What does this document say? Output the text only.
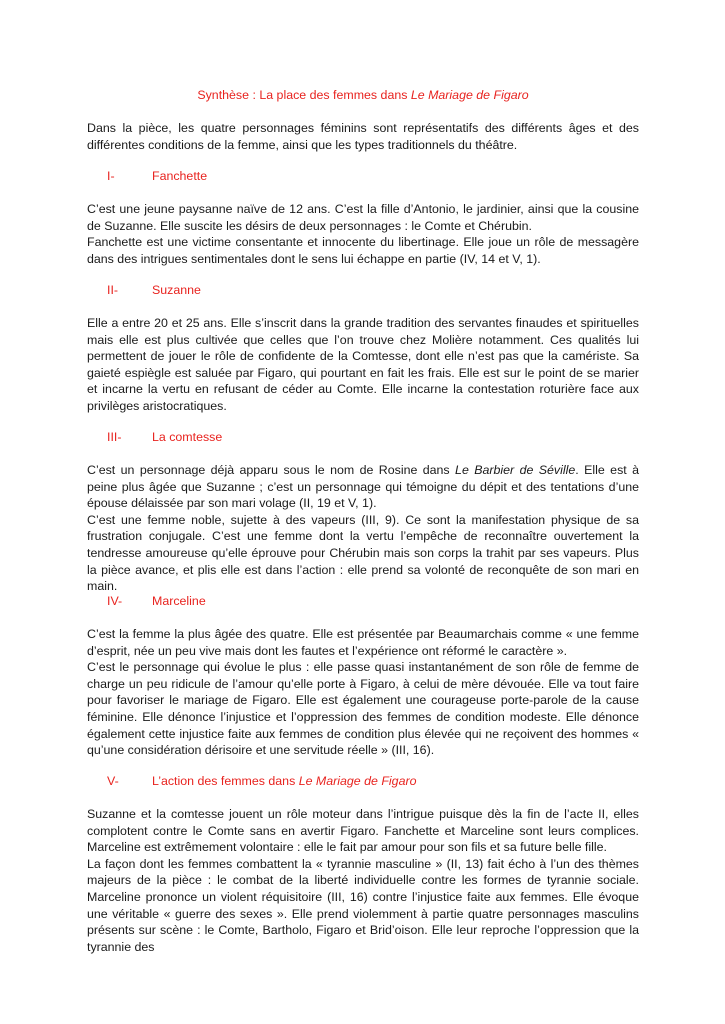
Synthèse : La place des femmes dans Le Mariage de Figaro

Dans la pièce, les quatre personnages féminins sont représentatifs des différents âges et des différentes conditions de la femme, ainsi que les types traditionnels du théâtre.

I-	Fanchette

C’est une jeune paysanne naïve de 12 ans. C’est la fille d’Antonio, le jardinier, ainsi que la cousine de Suzanne. Elle suscite les désirs de deux personnages : le Comte et Chérubin.

Fanchette est une victime consentante et innocente du libertinage. Elle joue un rôle de messagère dans des intrigues sentimentales dont le sens lui échappe en partie (IV, 14 et V, 1).

II-	Suzanne

Elle a entre 20 et 25 ans. Elle s’inscrit dans la grande tradition des servantes finaudes et spirituelles mais elle est plus cultivée que celles que l’on trouve chez Molière notamment. Ces qualités lui permettent de jouer le rôle de confidente de la Comtesse, dont elle n’est pas que la caméristе. Sa gaieté espiègle est saluée par Figaro, qui pourtant en fait les frais. Elle est sur le point de se marier et incarne la vertu en refusant de céder au Comte. Elle incarne la contestation roturière face aux privilèges aristocratiques.

III- La comtesse

C’est un personnage déjà apparu sous le nom de Rosine dans Le Barbier de Séville. Elle est à peine plus âgée que Suzanne ; c’est un personnage qui témoigne du dépit et des tentations d’une épouse délaissée par son mari volage (II, 19 et V, 1).

C’est une femme noble, sujette à des vapeurs (III, 9). Ce sont la manifestation physique de sa frustration conjugale. C’est une femme dont la vertu l’empêche de reconnaître ouvertement la tendresse amoureuse qu’elle éprouve pour Chérubin mais son corps la trahit par ses vapeurs. Plus la pièce avance, et plis elle est dans l’action : elle prend sa volonté de reconquête de son mari en main.

IV- Marceline

C’est la femme la plus âgée des quatre. Elle est présentée par Beaumarchais comme « une femme d’esprit, née un peu vive mais dont les fautes et l’expérience ont réformé le caractère ».

C’est le personnage qui évolue le plus : elle passe quasi instantanément de son rôle de femme de charge un peu ridicule de l’amour qu’elle porte à Figaro, à celui de mère dévouée. Elle va tout faire pour favoriser le mariage de Figaro. Elle est également une courageuse porte-parole de la cause féminine. Elle dénonce l’injustice et l’oppression des femmes de condition modeste. Elle dénonce également cette injustice faite aux femmes de condition plus élevée qui ne reçoivent des hommes « qu’une considération dérisoire et une servitude réelle » (III, 16).

V-	L’action des femmes dans Le Mariage de Figaro

Suzanne et la comtesse jouent un rôle moteur dans l’intrigue puisque dès la fin de l’acte II, elles complotent contre le Comte sans en avertir Figaro. Fanchette et Marceline sont leurs complices. Marceline est extrêmement volontaire : elle le fait par amour pour son fils et sa future belle fille.

La façon dont les femmes combattent la « tyrannie masculine » (II, 13) fait écho à l’un des thèmes majeurs de la pièce : le combat de la liberté individuelle contre les formes de tyrannie sociale. Marceline prononce un violent réquisitoire (III, 16) contre l’injustice faite aux femmes. Elle évoque une véritable « guerre des sexes ». Elle prend violemment à partie quatre personnages masculins présents sur scène : le Comte, Bartholo, Figaro et Brid’oison. Elle leur reproche l’oppression que la tyrannie des
